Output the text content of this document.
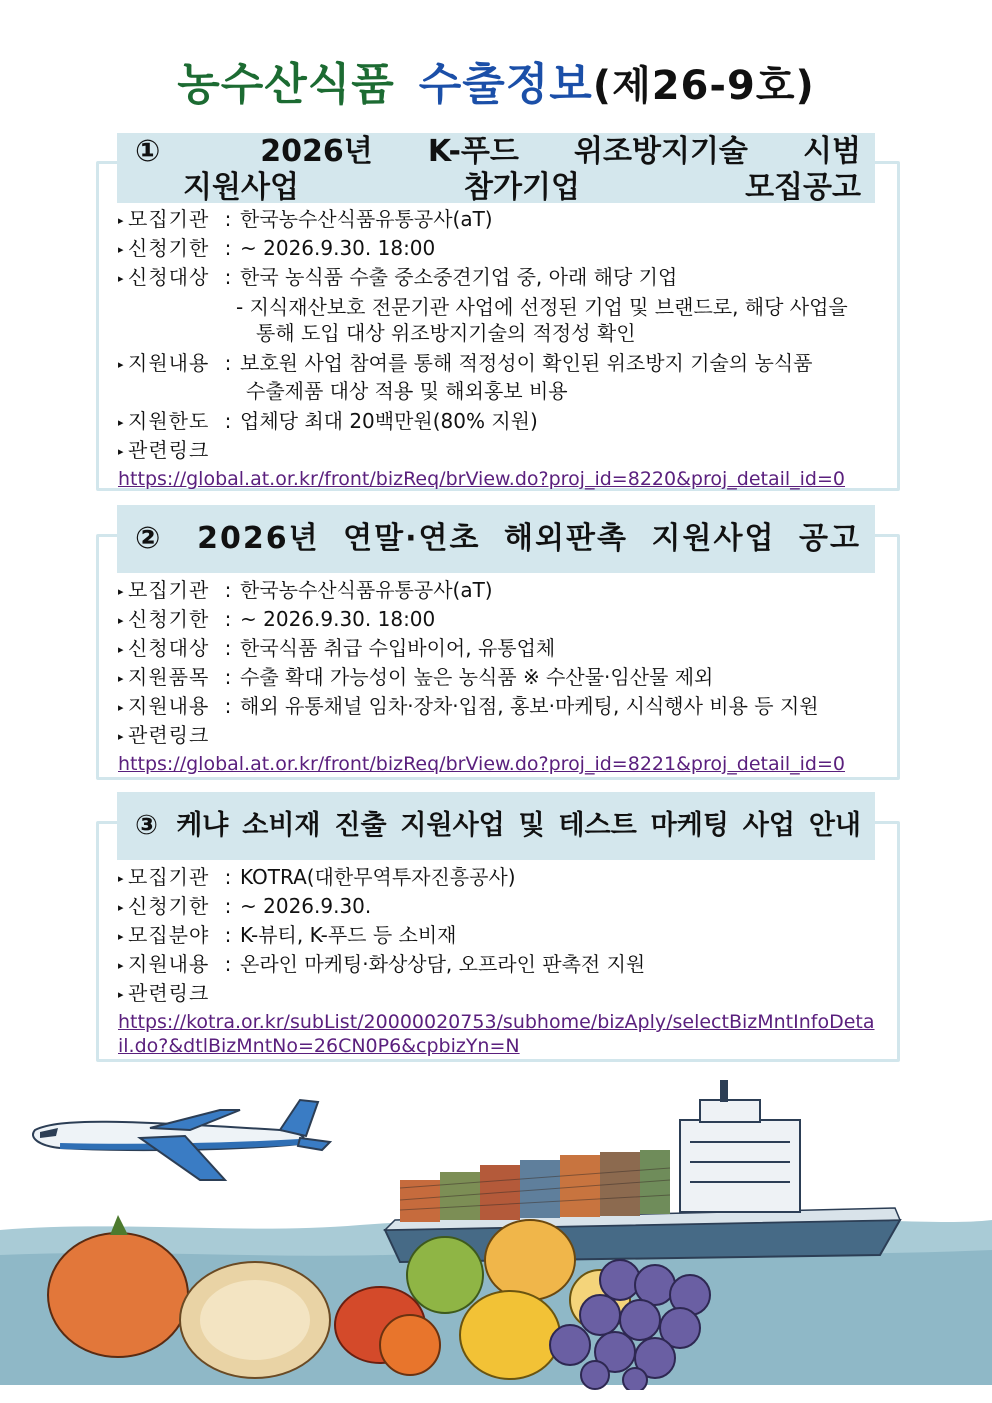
농수산식품 수출정보(제26-9호)
① 2026년 K-푸드 위조방지기술 시범
지원사업 참가기업 모집공고
▸ 모집기관 : 한국농수산식품유통공사(aT)
▸ 신청기한 : ~ 2026.9.30. 18:00
▸ 신청대상 : 한국 농식품 수출 중소중견기업 중, 아래 해당 기업
- 지식재산보호 전문기관 사업에 선정된 기업 및 브랜드로, 해당 사업을
통해 도입 대상 위조방지기술의 적정성 확인
▸ 지원내용 : 보호원 사업 참여를 통해 적정성이 확인된 위조방지 기술의 농식품
수출제품 대상 적용 및 해외홍보 비용
▸ 지원한도 : 업체당 최대 20백만원(80% 지원)
▸ 관련링크
https://global.at.or.kr/front/bizReq/brView.do?proj_id=8220&proj_detail_id=0
② 2026년 연말·연초 해외판촉 지원사업 공고
▸ 모집기관 : 한국농수산식품유통공사(aT)
▸ 신청기한 : ~ 2026.9.30. 18:00
▸ 신청대상 : 한국식품 취급 수입바이어, 유통업체
▸ 지원품목 : 수출 확대 가능성이 높은 농식품 ※ 수산물·임산물 제외
▸ 지원내용 : 해외 유통채널 임차·장차·입점, 홍보·마케팅, 시식행사 비용 등 지원
▸ 관련링크
https://global.at.or.kr/front/bizReq/brView.do?proj_id=8221&proj_detail_id=0
③ 케냐 소비재 진출 지원사업 및 테스트 마케팅 사업 안내
▸ 모집기관 : KOTRA(대한무역투자진흥공사)
▸ 신청기한 : ~ 2026.9.30.
▸ 모집분야 : K-뷰티, K-푸드 등 소비재
▸ 지원내용 : 온라인 마케팅·화상상담, 오프라인 판촉전 지원
▸ 관련링크
https://kotra.or.kr/subList/20000020753/subhome/bizAply/selectBizMntInfoDetail.do?&dtlBizMntNo=26CN0P6&cpbizYn=N
